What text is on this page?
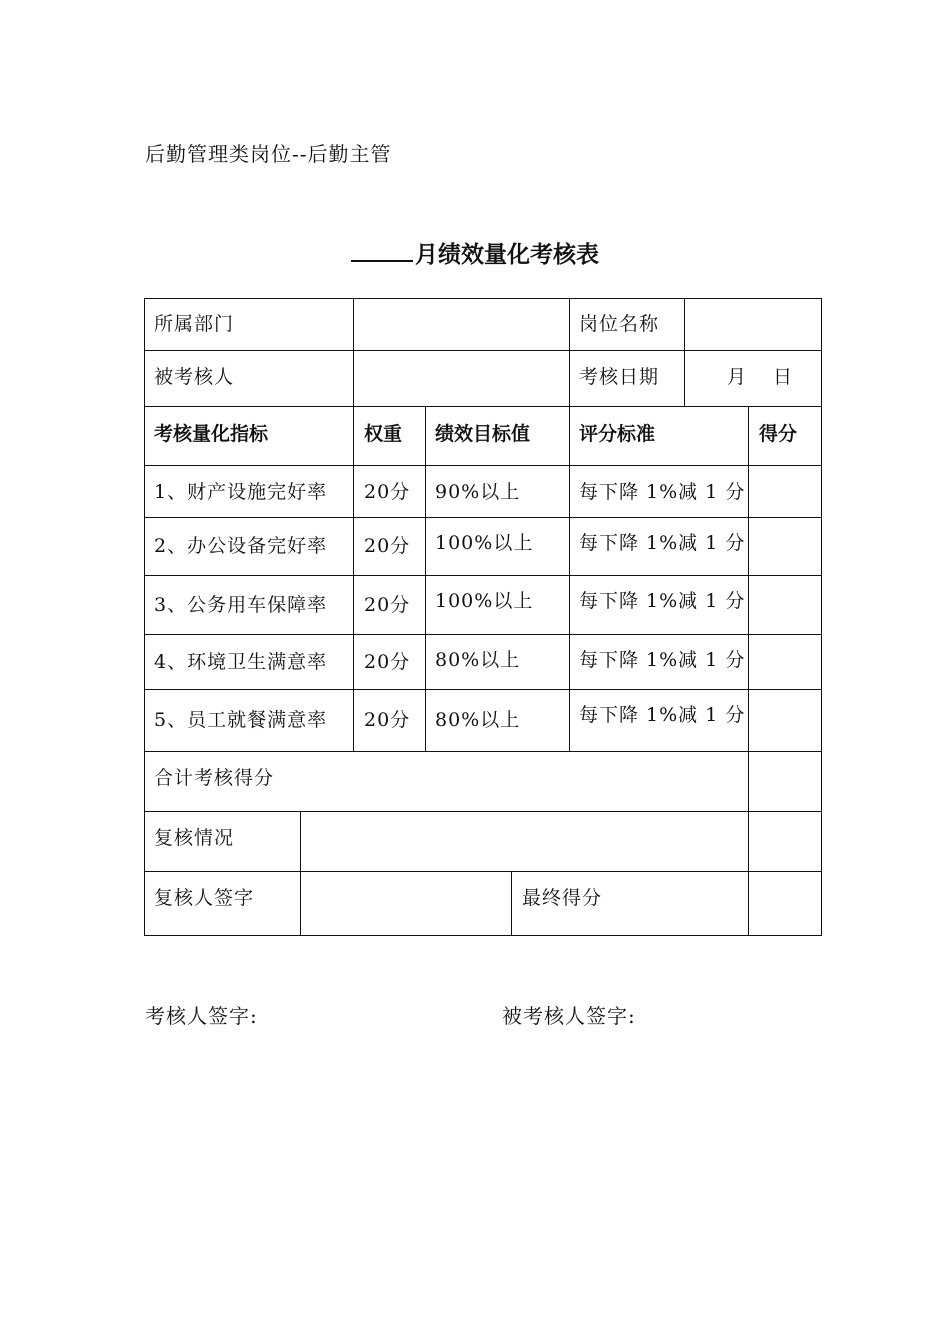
后勤管理类岗位--后勤主管
月绩效量化考核表
所属部门	岗位名称
被考核人	考核日期	月 日
考核量化指标	权重 绩效目标值	评分标准	得分
1、财产设施完好率 20分 90%以上	每下降 1%减 1 分
2、办公设备完好率 20分 100%以上 每下降 1%减 1 分
3、公务用车保障率 20分 100%以上 每下降 1%减 1 分
4、环境卫生满意率 20分 80%以上	每下降 1%减 1 分
5、员工就餐满意率 20分 80%以上	每下降 1%减 1 分
合计考核得分
复核情况
复核人签字	最终得分
考核人签字:	被考核人签字:
